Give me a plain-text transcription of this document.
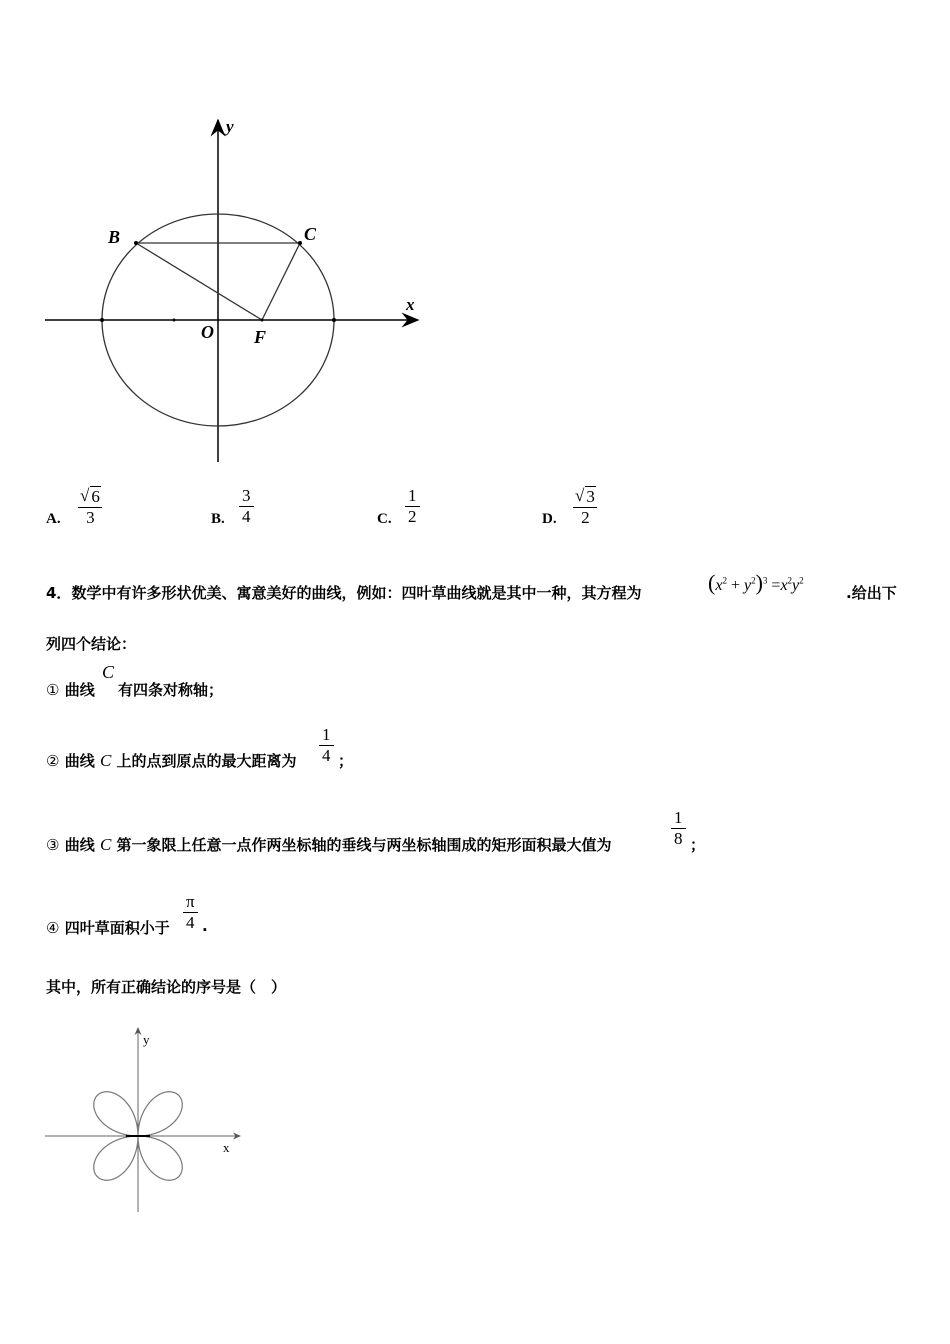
y
x
B	C
O F
A. $\frac{√ 6}{3}$	B. $\frac{3}{4}$	C. $\frac{1}{2}$	D. $\frac{√ 3}{2}$
4．数学中有许多形状优美、寓意美好的曲线，例如：四叶草曲线就是其中一种，其方程为	$(x^2 + y^2)^3 =x^2y^2$
.给出下
列四个结论：
① 曲线
C
有四条对称轴；
② 曲线 C 上的点到原点的最大距离为 $\frac{1}{4}$ ；
③ 曲线 C 第一象限上任意一点作两坐标轴的垂线与两坐标轴围成的矩形面积最大值为	$\frac{1}{8}$ ；
④ 四叶草面积小于 $\frac{\pi}{4}$ .
其中，所有正确结论的序号是（　）
y
x
